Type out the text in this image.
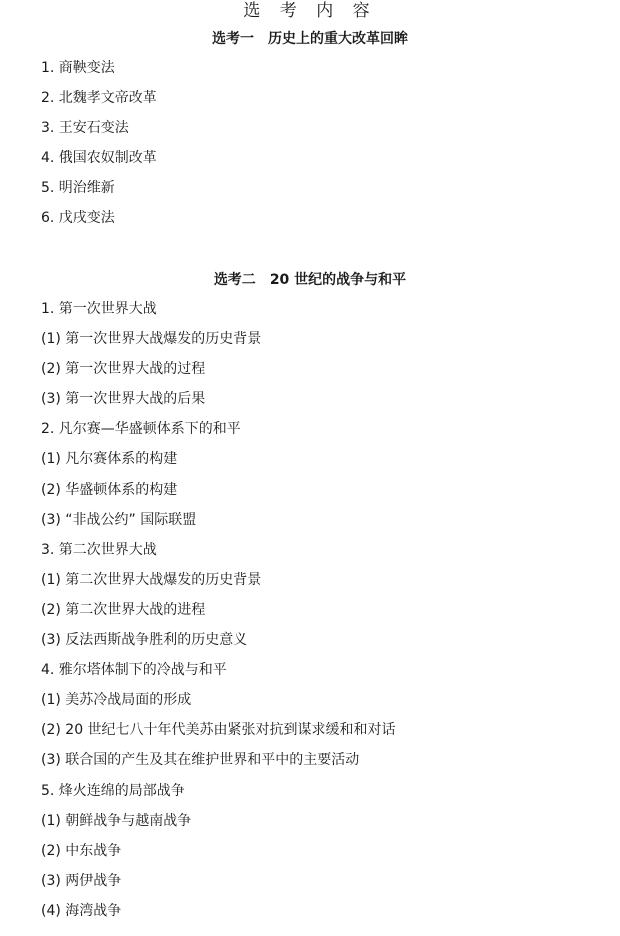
选 考 内 容
选考一 历史上的重大改革回眸
1. 商鞅变法
2. 北魏孝文帝改革
3. 王安石变法
4. 俄国农奴制改革
5. 明治维新
6. 戊戌变法
选考二 20 世纪的战争与和平
1. 第一次世界大战
(1) 第一次世界大战爆发的历史背景
(2) 第一次世界大战的过程
(3) 第一次世界大战的后果
2. 凡尔赛—华盛顿体系下的和平
(1) 凡尔赛体系的构建
(2) 华盛顿体系的构建
(3) “非战公约” 国际联盟
3. 第二次世界大战
(1) 第二次世界大战爆发的历史背景
(2) 第二次世界大战的进程
(3) 反法西斯战争胜利的历史意义
4. 雅尔塔体制下的冷战与和平
(1) 美苏冷战局面的形成
(2) 20 世纪七八十年代美苏由紧张对抗到谋求缓和和对话
(3) 联合国的产生及其在维护世界和平中的主要活动
5. 烽火连绵的局部战争
(1) 朝鲜战争与越南战争
(2) 中东战争
(3) 两伊战争
(4) 海湾战争
